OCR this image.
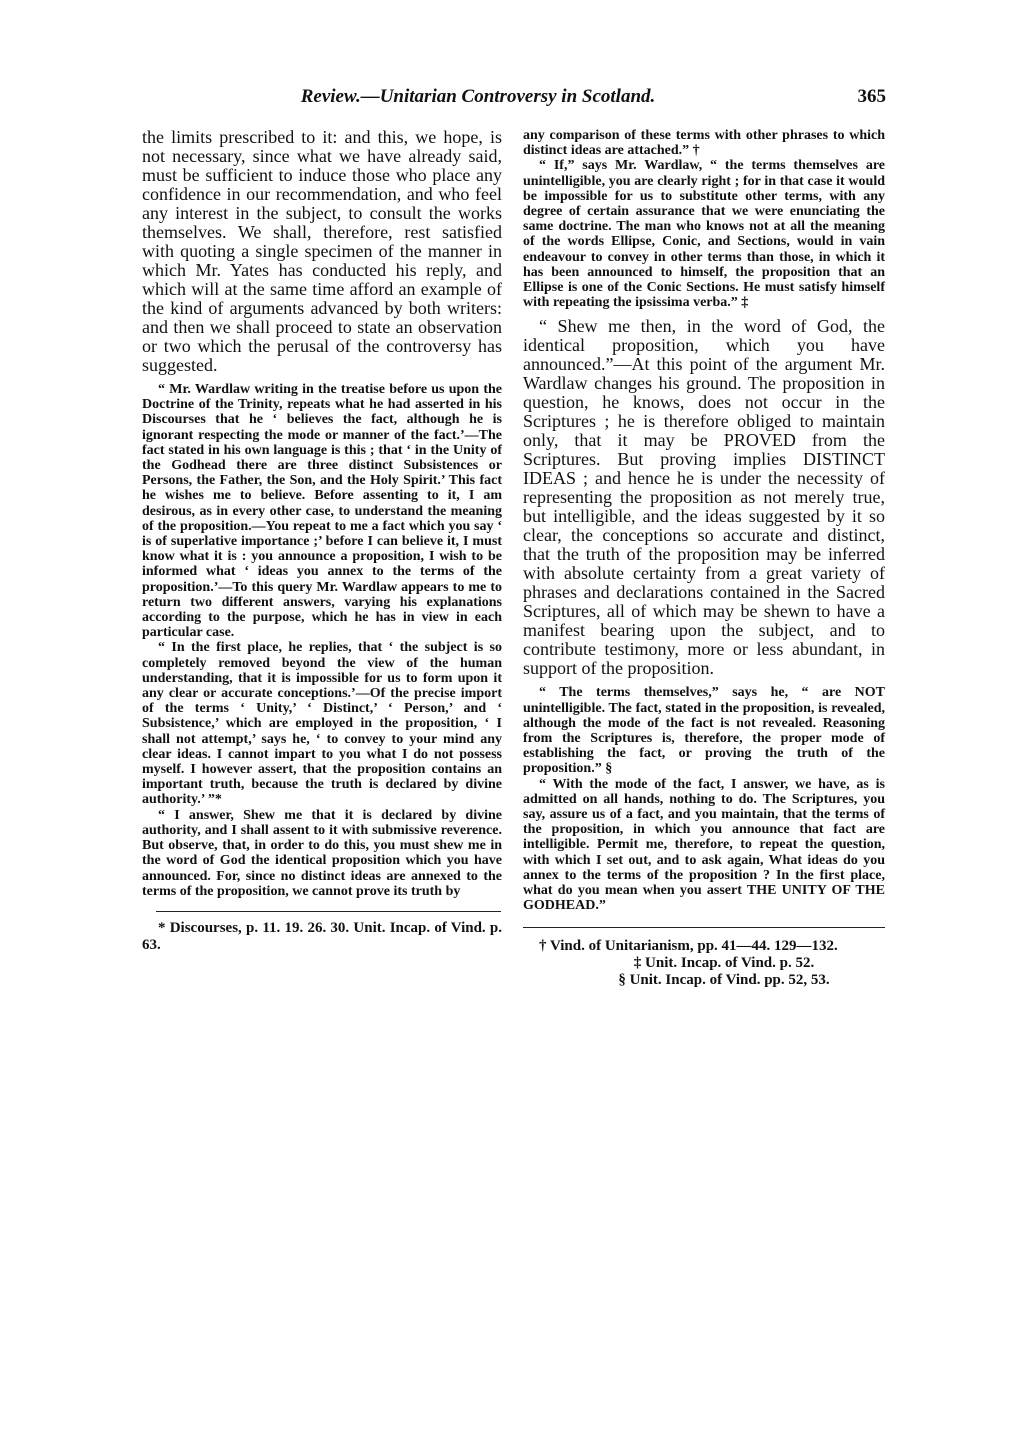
Review.—Unitarian Controversy in Scotland.	365

the limits prescribed to it: and this, we hope, is not necessary, since what we have already said, must be sufficient to induce those who place any confidence in our recommendation, and who feel any interest in the subject, to consult the works themselves. We shall, therefore, rest satisfied with quoting a single specimen of the manner in which Mr. Yates has conducted his reply, and which will at the same time afford an example of the kind of arguments advanced by both writers: and then we shall proceed to state an observation or two which the perusal of the controversy has suggested.

“ Mr. Wardlaw writing in the treatise before us upon the Doctrine of the Trinity, repeats what he had asserted in his Discourses that he ‘ believes the fact, although he is ignorant respecting the mode or manner of the fact.’—The fact stated in his own language is this ; that ‘ in the Unity of the Godhead there are three distinct Subsistences or Persons, the Father, the Son, and the Holy Spirit.’ This fact he wishes me to believe. Before assenting to it, I am desirous, as in every other case, to understand the meaning of the proposition.—You repeat to me a fact which you say ‘ is of superlative importance ;’ before I can believe it, I must know what it is : you announce a proposition, I wish to be informed what ‘ ideas you annex to the terms of the proposition.’—To this query Mr. Wardlaw appears to me to return two different answers, varying his explanations according to the purpose, which he has in view in each particular case.

“ In the first place, he replies, that ‘ the subject is so completely removed beyond the view of the human understanding, that it is impossible for us to form upon it any clear or accurate conceptions.’—Of the precise import of the terms ‘ Unity,’ ‘ Distinct,’ ‘ Person,’ and ‘ Subsistence,’ which are employed in the proposition, ‘ I shall not attempt,’ says he, ‘ to convey to your mind any clear ideas. I cannot impart to you what I do not possess myself. I however assert, that the proposition contains an important truth, because the truth is declared by divine authority.’ ”*

“ I answer, Shew me that it is declared by divine authority, and I shall assent to it with submissive reverence. But observe, that, in order to do this, you must shew me in the word of God the identical proposition which you have announced. For, since no distinct ideas are annexed to the terms of the proposition, we cannot prove its truth by

* Discourses, p. 11. 19. 26. 30. Unit. Incap. of Vind. p. 63.

any comparison of these terms with other phrases to which distinct ideas are attached.” †

“ If,” says Mr. Wardlaw, “ the terms themselves are unintelligible, you are clearly right ; for in that case it would be impossible for us to substitute other terms, with any degree of certain assurance that we were enunciating the same doctrine. The man who knows not at all the meaning of the words Ellipse, Conic, and Sections, would in vain endeavour to convey in other terms than those, in which it has been announced to himself, the proposition that an Ellipse is one of the Conic Sections. He must satisfy himself with repeating the ipsissima verba.” ‡

“ Shew me then, in the word of God, the identical proposition, which you have announced.”—At this point of the argument Mr. Wardlaw changes his ground. The proposition in question, he knows, does not occur in the Scriptures ; he is therefore obliged to maintain only, that it may be PROVED from the Scriptures. But proving implies DISTINCT IDEAS ; and hence he is under the necessity of representing the proposition as not merely true, but intelligible, and the ideas suggested by it so clear, the conceptions so accurate and distinct, that the truth of the proposition may be inferred with absolute certainty from a great variety of phrases and declarations contained in the Sacred Scriptures, all of which may be shewn to have a manifest bearing upon the subject, and to contribute testimony, more or less abundant, in support of the proposition.

“ The terms themselves,” says he, “ are NOT unintelligible. The fact, stated in the proposition, is revealed, although the mode of the fact is not revealed. Reasoning from the Scriptures is, therefore, the proper mode of establishing the fact, or proving the truth of the proposition.” §

“ With the mode of the fact, I answer, we have, as is admitted on all hands, nothing to do. The Scriptures, you say, assure us of a fact, and you maintain, that the terms of the proposition, in which you announce that fact are intelligible. Permit me, therefore, to repeat the question, with which I set out, and to ask again, What ideas do you annex to the terms of the proposition ? In the first place, what do you mean when you assert THE UNITY OF THE GODHEAD.”

† Vind. of Unitarianism, pp. 41—44. 129—132.

‡ Unit. Incap. of Vind. p. 52.

§ Unit. Incap. of Vind. pp. 52, 53.
